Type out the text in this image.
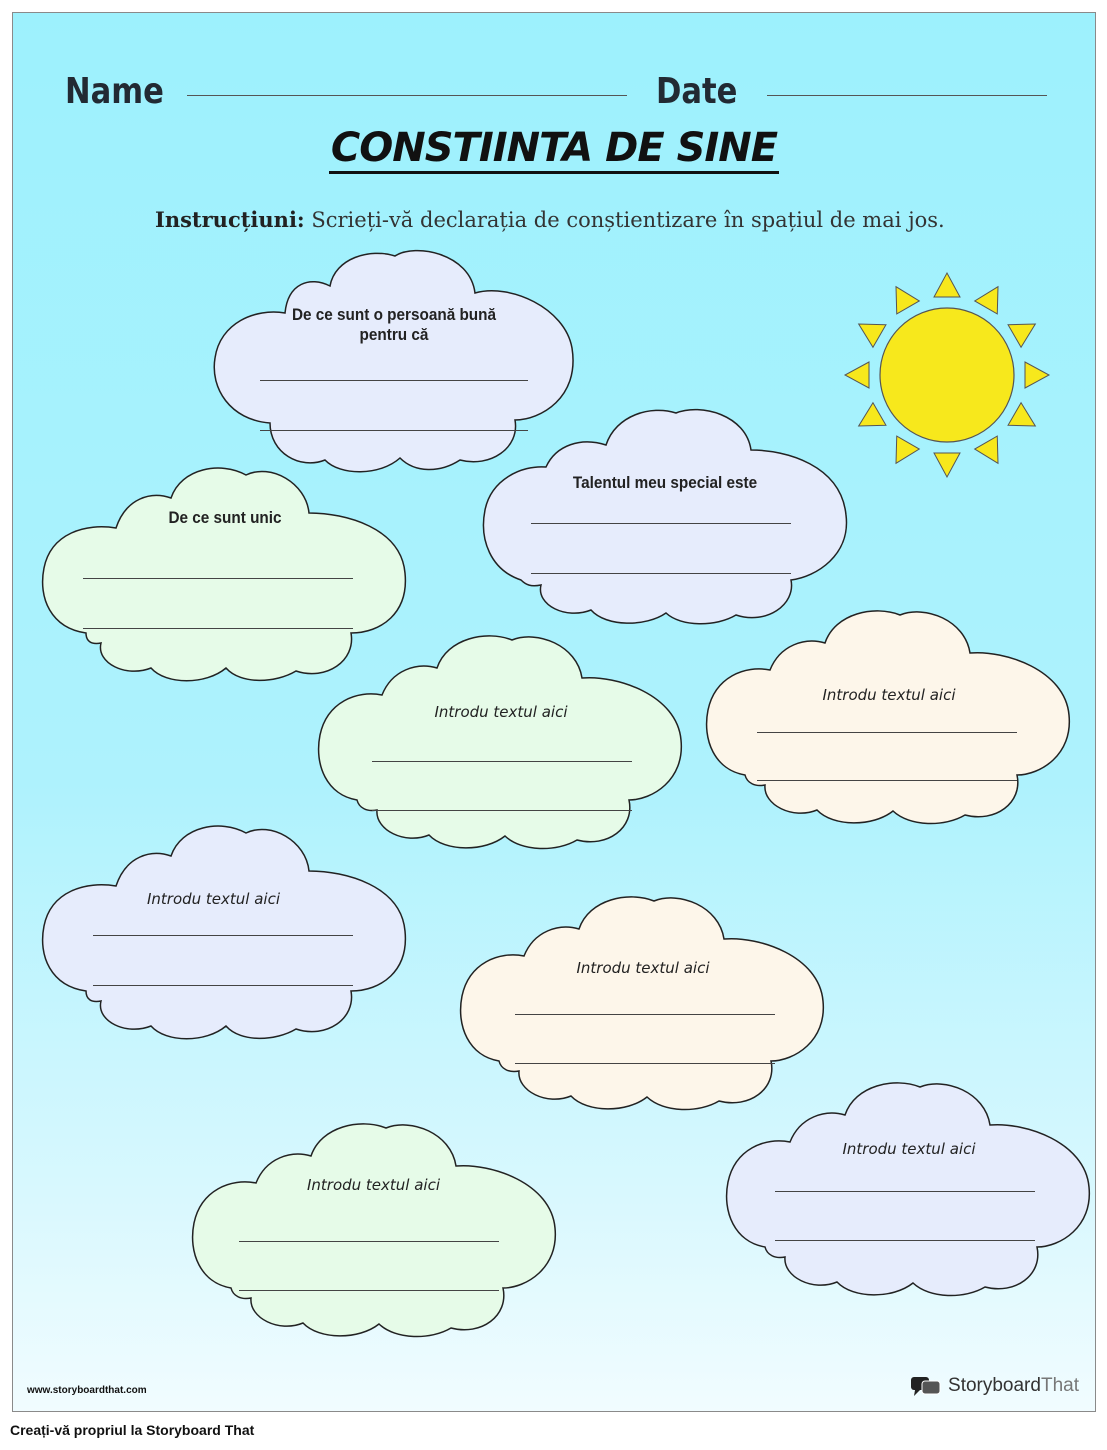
Name	Date
CONSTIINTA DE SINE
Instrucțiuni: Scrieți-vă declarația de conștientizare în spațiul de mai jos.
De ce sunt o persoană bună
pentru că
Talentul meu special este
De ce sunt unic
Introdu textul aici
Introdu textul aici
Introdu textul aici
Introdu textul aici
Introdu textul aici
Introdu textul aici
www.storyboardthat.com	StoryboardThat
Creați-vă propriul la Storyboard That
